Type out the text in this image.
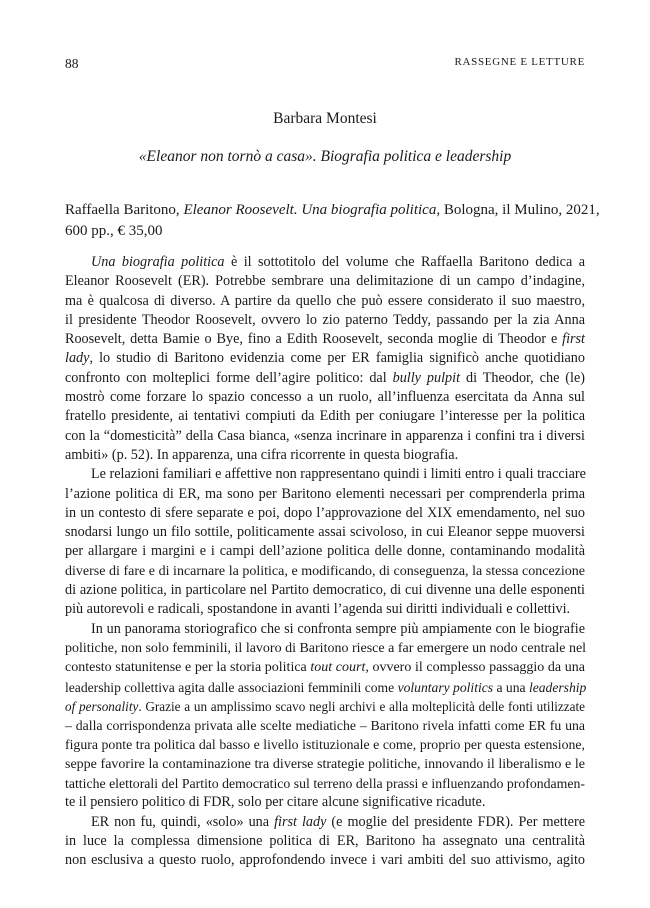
88	RASSEGNE E LETTURE
Barbara Montesi
«Eleanor non tornò a casa». Biografia politica e leadership
Raffaella Baritono, Eleanor Roosevelt. Una biografia politica, Bologna, il Mulino, 2021,
600 pp., € 35,00
Una biografia politica è il sottotitolo del volume che Raffaella Baritono dedica a
Eleanor Roosevelt (ER). Potrebbe sembrare una delimitazione di un campo d’indagine,
ma è qualcosa di diverso. A partire da quello che può essere considerato il suo maestro,
il presidente Theodor Roosevelt, ovvero lo zio paterno Teddy, passando per la zia Anna
Roosevelt, detta Bamie o Bye, fino a Edith Roosevelt, seconda moglie di Theodor e first
lady, lo studio di Baritono evidenzia come per ER famiglia significò anche quotidiano
confronto con molteplici forme dell’agire politico: dal bully pulpit di Theodor, che (le)
mostrò come forzare lo spazio concesso a un ruolo, all’influenza esercitata da Anna sul
fratello presidente, ai tentativi compiuti da Edith per coniugare l’interesse per la politica
con la “domesticità” della Casa bianca, «senza incrinare in apparenza i confini tra i diversi
ambiti» (p. 52). In apparenza, una cifra ricorrente in questa biografia.
Le relazioni familiari e affettive non rappresentano quindi i limiti entro i quali tracciare
l’azione politica di ER, ma sono per Baritono elementi necessari per comprenderla prima
in un contesto di sfere separate e poi, dopo l’approvazione del XIX emendamento, nel suo
snodarsi lungo un filo sottile, politicamente assai scivoloso, in cui Eleanor seppe muoversi
per allargare i margini e i campi dell’azione politica delle donne, contaminando modalità
diverse di fare e di incarnare la politica, e modificando, di conseguenza, la stessa concezione
di azione politica, in particolare nel Partito democratico, di cui divenne una delle esponenti
più autorevoli e radicali, spostandone in avanti l’agenda sui diritti individuali e collettivi.
In un panorama storiografico che si confronta sempre più ampiamente con le biografie
politiche, non solo femminili, il lavoro di Baritono riesce a far emergere un nodo centrale nel
contesto statunitense e per la storia politica tout court, ovvero il complesso passaggio da una
leadership collettiva agita dalle associazioni femminili come voluntary politics a una leadership
of personality. Grazie a un amplissimo scavo negli archivi e alla molteplicità delle fonti utilizzate
– dalla corrispondenza privata alle scelte mediatiche – Baritono rivela infatti come ER fu una
figura ponte tra politica dal basso e livello istituzionale e come, proprio per questa estensione,
seppe favorire la contaminazione tra diverse strategie politiche, innovando il liberalismo e le
tattiche elettorali del Partito democratico sul terreno della prassi e influenzando profondamen-
te il pensiero politico di FDR, solo per citare alcune significative ricadute.
ER non fu, quindi, «solo» una first lady (e moglie del presidente FDR). Per mettere
in luce la complessa dimensione politica di ER, Baritono ha assegnato una centralità
non esclusiva a questo ruolo, approfondendo invece i vari ambiti del suo attivismo, agito
